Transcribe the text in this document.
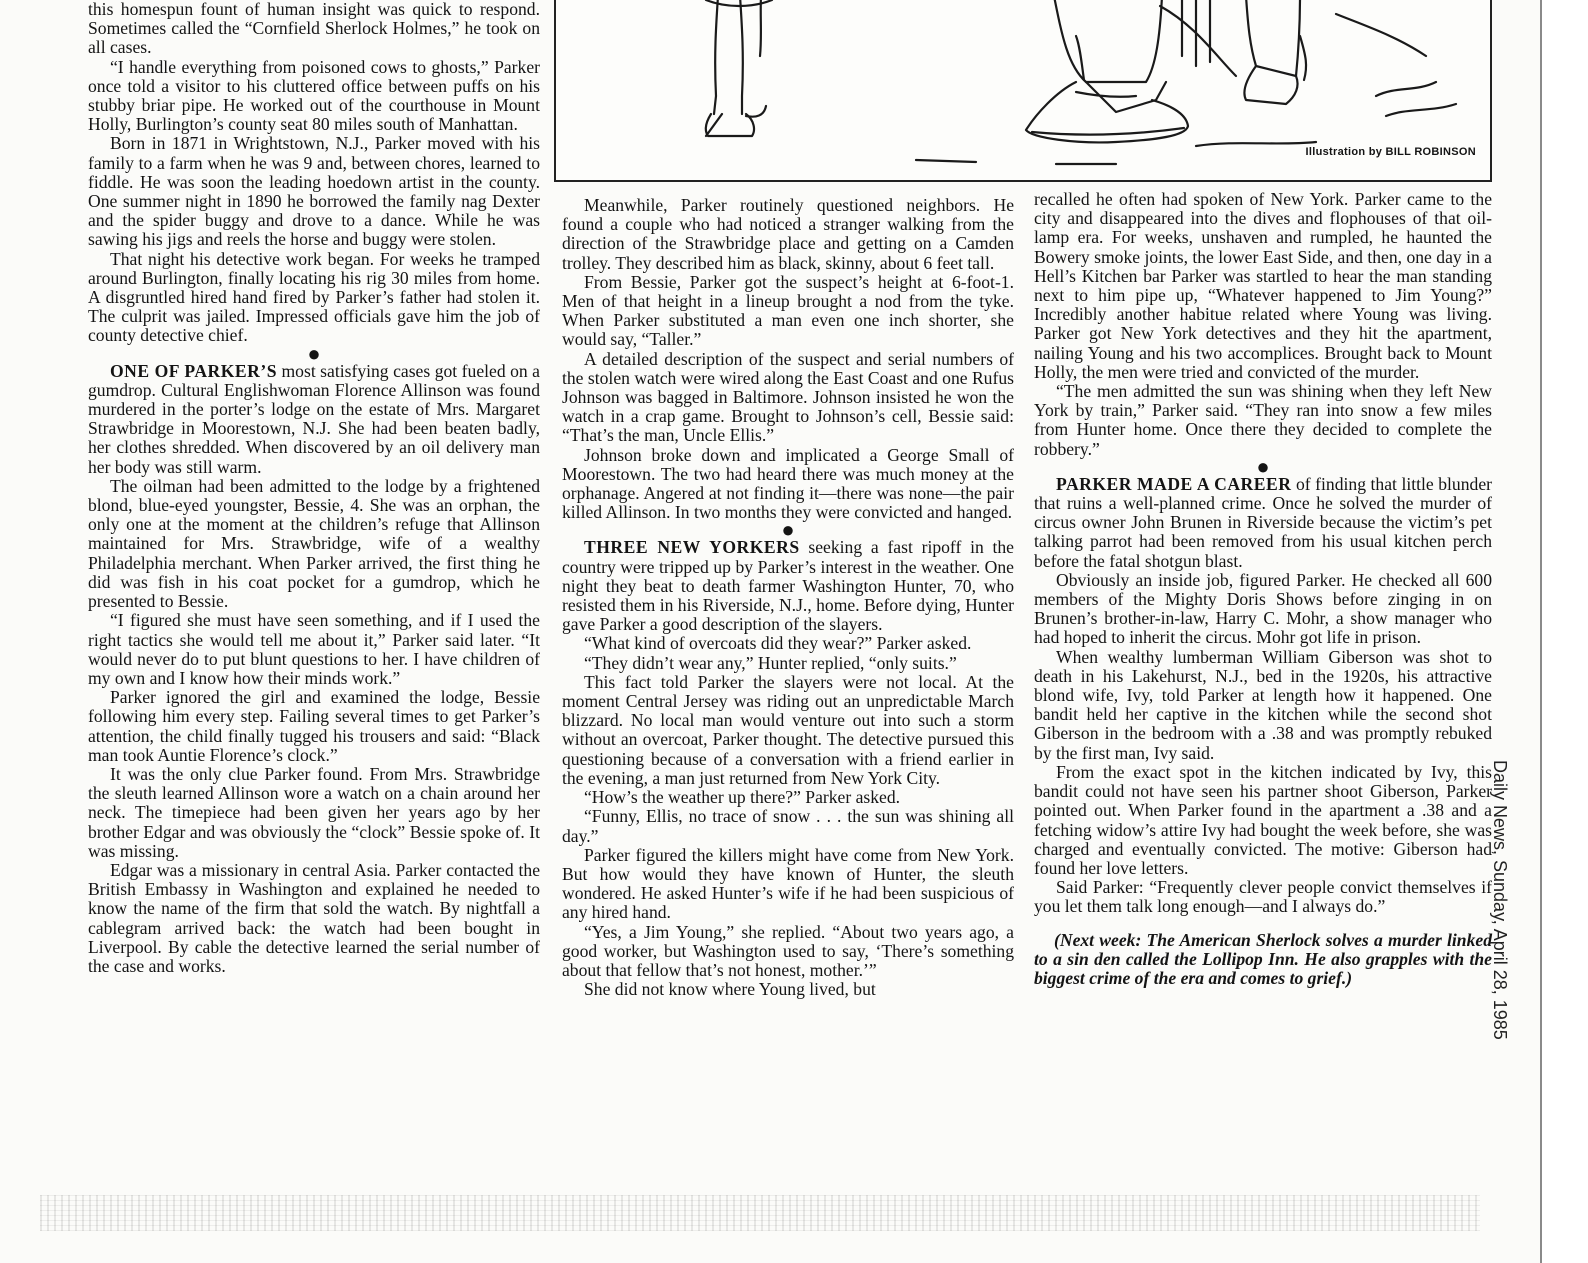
Illustration by BILL ROBINSON

this homespun fount of human insight was quick to respond. Sometimes called the “Cornfield Sherlock Holmes,” he took on all cases.

“I handle everything from poisoned cows to ghosts,” Parker once told a visitor to his cluttered office between puffs on his stubby briar pipe. He worked out of the courthouse in Mount Holly, Burlington’s county seat 80 miles south of Manhattan.

Born in 1871 in Wrightstown, N.J., Parker moved with his family to a farm when he was 9 and, between chores, learned to fiddle. He was soon the leading hoedown artist in the county. One summer night in 1890 he borrowed the family nag Dexter and the spider buggy and drove to a dance. While he was sawing his jigs and reels the horse and buggy were stolen.

That night his detective work began. For weeks he tramped around Burlington, finally locating his rig 30 miles from home. A disgruntled hired hand fired by Parker’s father had stolen it. The culprit was jailed. Impressed officials gave him the job of county detective chief.

●

ONE OF PARKER’S most satisfying cases got fueled on a gumdrop. Cultural Englishwoman Florence Allinson was found murdered in the porter’s lodge on the estate of Mrs. Margaret Strawbridge in Moorestown, N.J. She had been beaten badly, her clothes shredded. When discovered by an oil delivery man her body was still warm.

The oilman had been admitted to the lodge by a frightened blond, blue-eyed youngster, Bessie, 4. She was an orphan, the only one at the moment at the children’s refuge that Allinson maintained for Mrs. Strawbridge, wife of a wealthy Philadelphia merchant. When Parker arrived, the first thing he did was fish in his coat pocket for a gumdrop, which he presented to Bessie.

“I figured she must have seen something, and if I used the right tactics she would tell me about it,” Parker said later. “It would never do to put blunt questions to her. I have children of my own and I know how their minds work.”

Parker ignored the girl and examined the lodge, Bessie following him every step. Failing several times to get Parker’s attention, the child finally tugged his trousers and said: “Black man took Auntie Florence’s clock.”

It was the only clue Parker found. From Mrs. Strawbridge the sleuth learned Allinson wore a watch on a chain around her neck. The timepiece had been given her years ago by her brother Edgar and was obviously the “clock” Bessie spoke of. It was missing.

Edgar was a missionary in central Asia. Parker contacted the British Embassy in Washington and explained he needed to know the name of the firm that sold the watch. By nightfall a cablegram arrived back: the watch had been bought in Liverpool. By cable the detective learned the serial number of the case and works.

Meanwhile, Parker routinely questioned neighbors. He found a couple who had noticed a stranger walking from the direction of the Strawbridge place and getting on a Camden trolley. They described him as black, skinny, about 6 feet tall.

From Bessie, Parker got the suspect’s height at 6-foot-1. Men of that height in a lineup brought a nod from the tyke. When Parker substituted a man even one inch shorter, she would say, “Taller.”

A detailed description of the suspect and serial numbers of the stolen watch were wired along the East Coast and one Rufus Johnson was bagged in Baltimore. Johnson insisted he won the watch in a crap game. Brought to Johnson’s cell, Bessie said: “That’s the man, Uncle Ellis.”

Johnson broke down and implicated a George Small of Moorestown. The two had heard there was much money at the orphanage. Angered at not finding it—there was none—the pair killed Allinson. In two months they were convicted and hanged.

●

THREE NEW YORKERS seeking a fast ripoff in the country were tripped up by Parker’s interest in the weather. One night they beat to death farmer Washington Hunter, 70, who resisted them in his Riverside, N.J., home. Before dying, Hunter gave Parker a good description of the slayers.

“What kind of overcoats did they wear?” Parker asked.

“They didn’t wear any,” Hunter replied, “only suits.”

This fact told Parker the slayers were not local. At the moment Central Jersey was riding out an unpredictable March blizzard. No local man would venture out into such a storm without an overcoat, Parker thought. The detective pursued this questioning because of a conversation with a friend earlier in the evening, a man just returned from New York City.

“How’s the weather up there?” Parker asked.

“Funny, Ellis, no trace of snow . . . the sun was shining all day.”

Parker figured the killers might have come from New York. But how would they have known of Hunter, the sleuth wondered. He asked Hunter’s wife if he had been suspicious of any hired hand.

“Yes, a Jim Young,” she replied. “About two years ago, a good worker, but Washington used to say, ‘There’s something about that fellow that’s not honest, mother.’”

She did not know where Young lived, but

recalled he often had spoken of New York. Parker came to the city and disappeared into the dives and flophouses of that oil-lamp era. For weeks, unshaven and rumpled, he haunted the Bowery smoke joints, the lower East Side, and then, one day in a Hell’s Kitchen bar Parker was startled to hear the man standing next to him pipe up, “Whatever happened to Jim Young?” Incredibly another habitue related where Young was living. Parker got New York detectives and they hit the apartment, nailing Young and his two accomplices. Brought back to Mount Holly, the men were tried and convicted of the murder.

“The men admitted the sun was shining when they left New York by train,” Parker said. “They ran into snow a few miles from Hunter home. Once there they decided to complete the robbery.”

●

PARKER MADE A CAREER of finding that little blunder that ruins a well-planned crime. Once he solved the murder of circus owner John Brunen in Riverside because the victim’s pet talking parrot had been removed from his usual kitchen perch before the fatal shotgun blast.

Obviously an inside job, figured Parker. He checked all 600 members of the Mighty Doris Shows before zinging in on Brunen’s brother-in-law, Harry C. Mohr, a show manager who had hoped to inherit the circus. Mohr got life in prison.

When wealthy lumberman William Giberson was shot to death in his Lakehurst, N.J., bed in the 1920s, his attractive blond wife, Ivy, told Parker at length how it happened. One bandit held her captive in the kitchen while the second shot Giberson in the bedroom with a .38 and was promptly rebuked by the first man, Ivy said.

From the exact spot in the kitchen indicated by Ivy, this bandit could not have seen his partner shoot Giberson, Parker pointed out. When Parker found in the apartment a .38 and a fetching widow’s attire Ivy had bought the week before, she was charged and eventually convicted. The motive: Giberson had found her love letters.

Said Parker: “Frequently clever people convict themselves if you let them talk long enough—and I always do.”

(Next week: The American Sherlock solves a murder linked to a sin den called the Lollipop Inn. He also grapples with the biggest crime of the era and comes to grief.)	Daily News, Sunday, April 28, 1985
